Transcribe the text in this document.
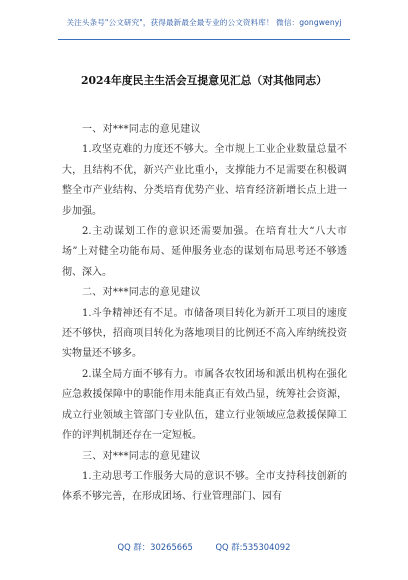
关注头条号"公文研究"，获得最新最全最专业的公文资料库！ 微信：gongwenyj
2024年度民主生活会互提意见汇总（对其他同志）

一、对***同志的意见建议

1.攻坚克难的力度还不够大。全市规上工业企业数量总量不大，且结构不优，新兴产业比重小，支撑能力不足需要在积极调整全市产业结构、分类培育优势产业、培育经济新增长点上进一步加强。

2.主动谋划工作的意识还需要加强。在培育壮大“八大市场”上对健全功能布局、延伸服务业态的谋划布局思考还不够透彻、深入。

二、对***同志的意见建议

1.斗争精神还有不足。市储备项目转化为新开工项目的速度还不够快，招商项目转化为落地项目的比例还不高入库纳统投资实物量还不够多。

2.谋全局方面不够有力。市属各农牧团场和派出机构在强化应急救援保障中的职能作用未能真正有效凸显，统筹社会资源，成立行业领域主管部门专业队伍，建立行业领域应急救援保障工作的评判机制还存在一定短板。

三、对***同志的意见建议

1.主动思考工作服务大局的意识不够。全市支持科技创新的体系不够完善，在形成团场、行业管理部门、园有

QQ 群：30265665	QQ 群:535304092
